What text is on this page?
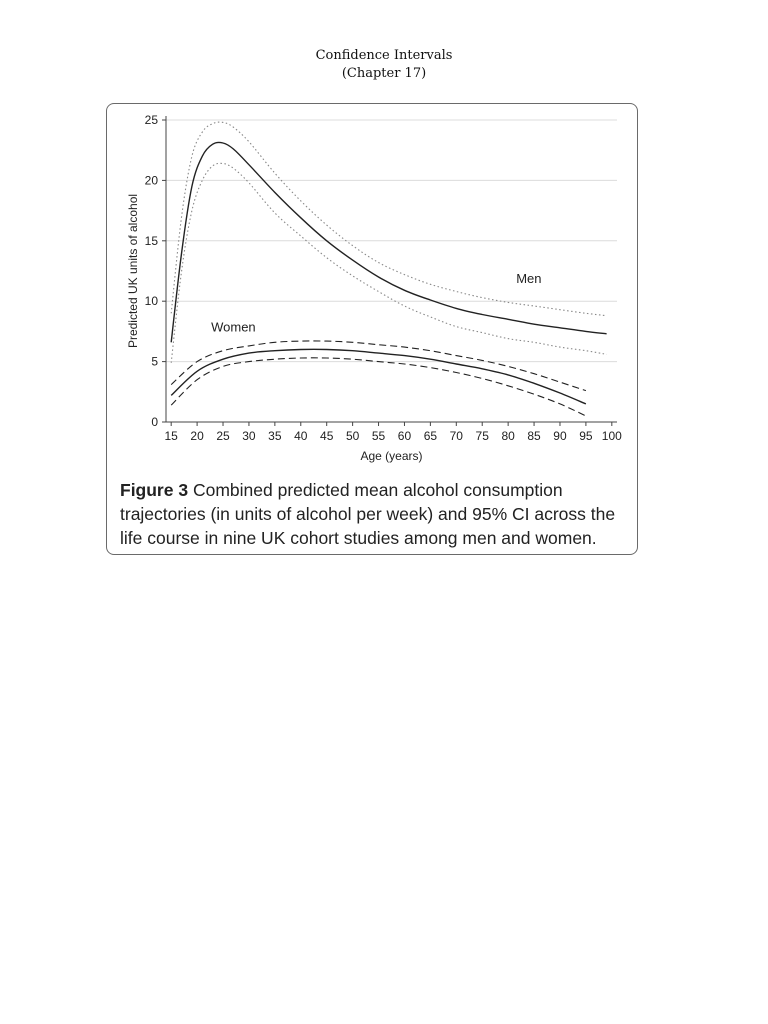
Confidence Intervals
(Chapter 17)
0
5
10
15
20
25
15 20 25 30 35 40 45 50 55 60 65 70 75 80 85 90 95 100
Age (years)
Predicted UK units of alcohol	Men
Women
Figure 3 Combined predicted mean alcohol consumption trajectories (in units of alcohol per week) and 95% CI across the life course in nine UK cohort studies among men and women.
